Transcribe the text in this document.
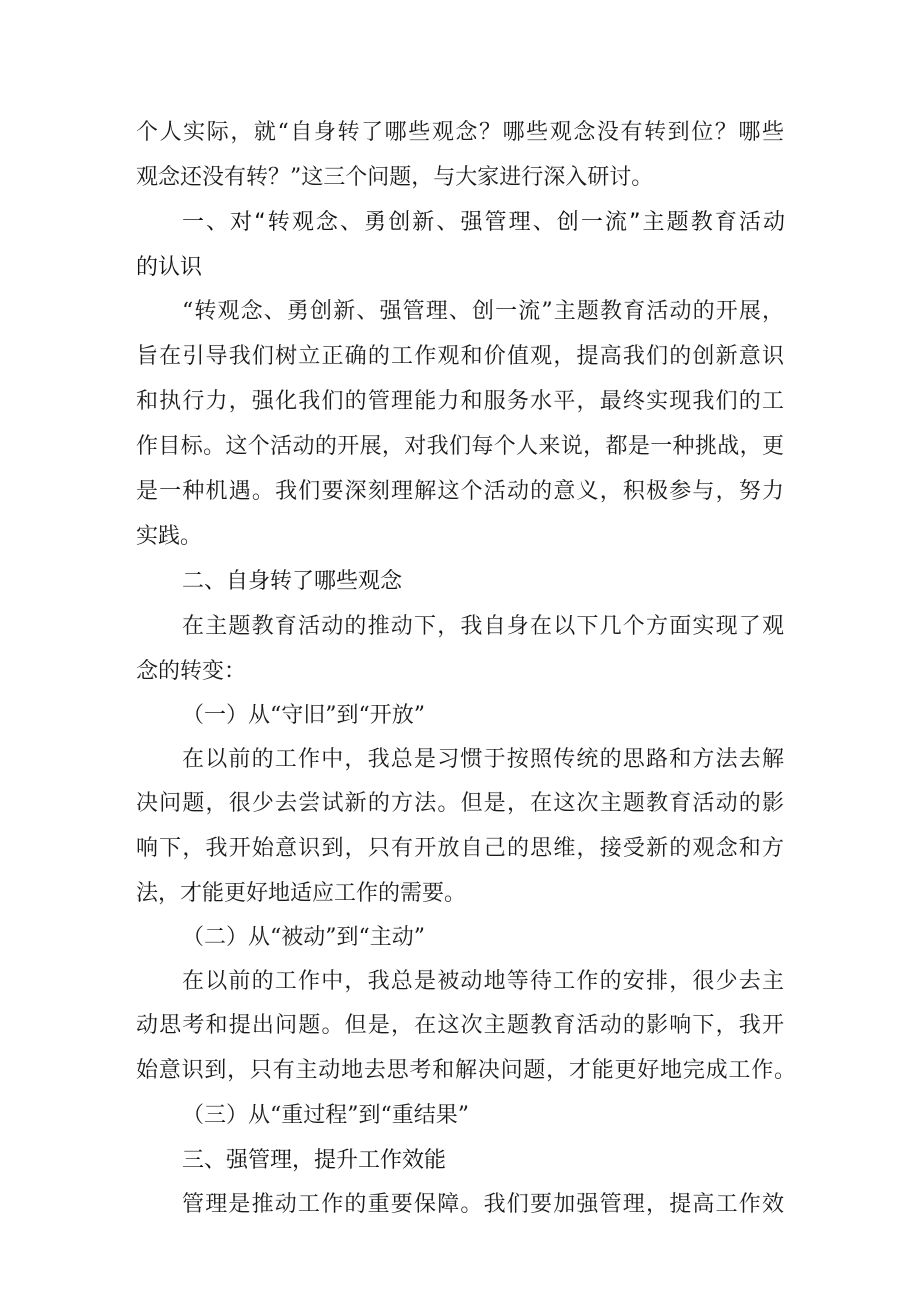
个人实际，就“自身转了哪些观念？哪些观念没有转到位？哪些
观念还没有转？”这三个问题，与大家进行深入研讨。
一、对“转观念、勇创新、强管理、创一流”主题教育活动
的认识
“转观念、勇创新、强管理、创一流”主题教育活动的开展，
旨在引导我们树立正确的工作观和价值观，提高我们的创新意识
和执行力，强化我们的管理能力和服务水平，最终实现我们的工
作目标。这个活动的开展，对我们每个人来说，都是一种挑战，更
是一种机遇。我们要深刻理解这个活动的意义，积极参与，努力
实践。
二、自身转了哪些观念
在主题教育活动的推动下，我自身在以下几个方面实现了观
念的转变：
（一）从“守旧”到“开放”
在以前的工作中，我总是习惯于按照传统的思路和方法去解
决问题，很少去尝试新的方法。但是，在这次主题教育活动的影
响下，我开始意识到，只有开放自己的思维，接受新的观念和方
法，才能更好地适应工作的需要。
（二）从“被动”到“主动”
在以前的工作中，我总是被动地等待工作的安排，很少去主
动思考和提出问题。但是，在这次主题教育活动的影响下，我开
始意识到，只有主动地去思考和解决问题，才能更好地完成工作。
（三）从“重过程”到“重结果”
三、强管理，提升工作效能
管理是推动工作的重要保障。我们要加强管理，提高工作效
